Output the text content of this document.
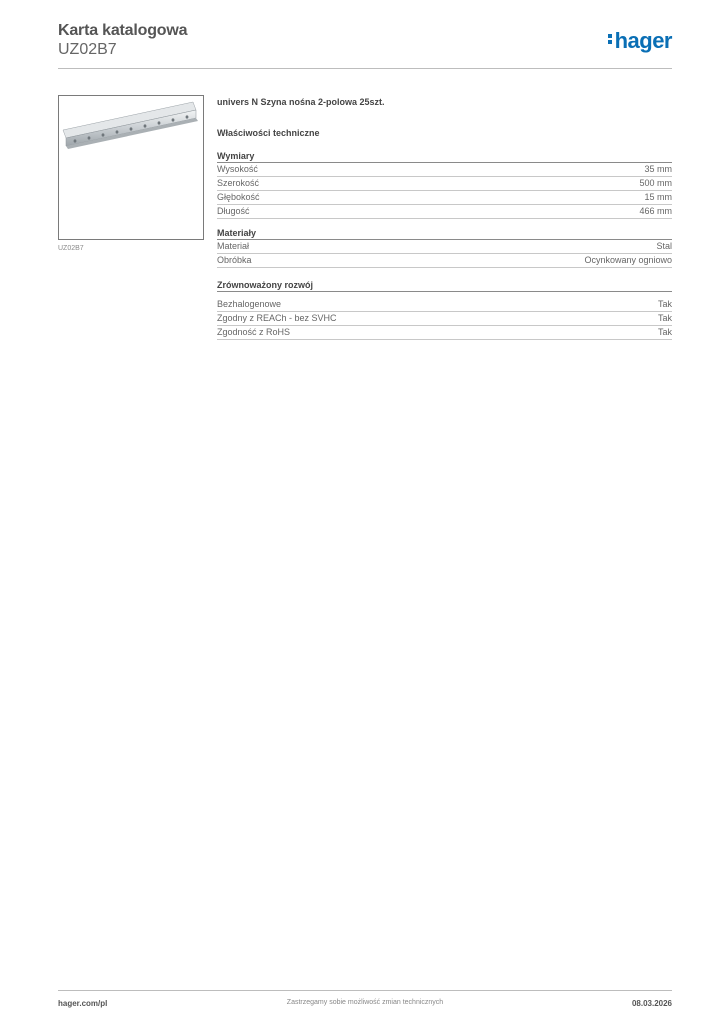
Karta katalogowa
UZ02B7	hager
UZ02B7
univers N Szyna nośna 2-polowa 25szt.
Właściwości techniczne
Wymiary
Wysokość	35 mm
Szerokość	500 mm
Głębokość	15 mm
Długość	466 mm
Materiały
Materiał	Stal
Obróbka	Ocynkowany ogniowo
Zrównoważony rozwój
Bezhalogenowe	Tak
Zgodny z REACh - bez SVHC	Tak
Zgodność z RoHS	Tak
hager.com/pl	Zastrzegamy sobie możliwość zmian technicznych	08.03.2026
